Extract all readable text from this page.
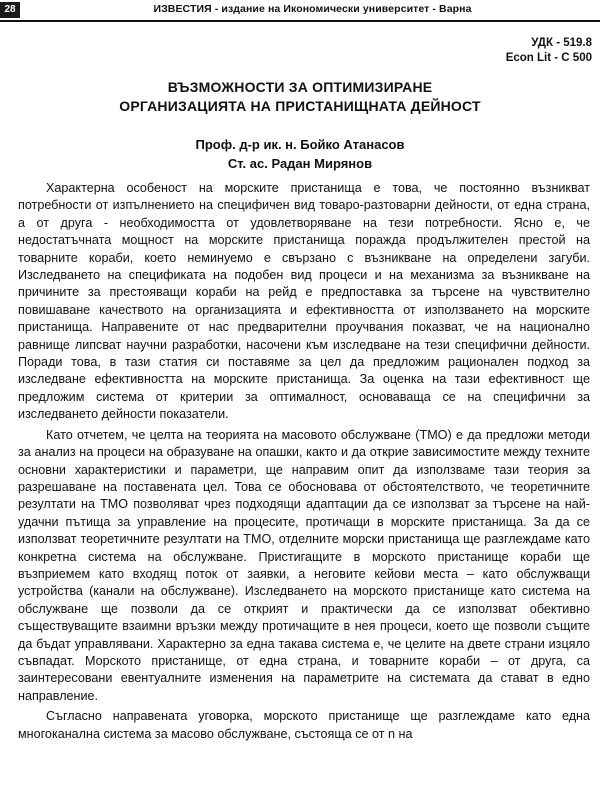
28	ИЗВЕСТИЯ - издание на Икономически университет - Варна
УДК - 519.8
Econ Lit - C 500
ВЪЗМОЖНОСТИ ЗА ОПТИМИЗИРАНЕ
ОРГАНИЗАЦИЯТА НА ПРИСТАНИЩНАТА ДЕЙНОСТ
Проф. д-р ик. н. Бойко Атанасов
Ст. ас. Радан Мирянов

Характерна особеност на морските пристанища е това, че постоянно възникват потребности от изпълнението на специфичен вид товаро-разтоварни дейности, от една страна, а от друга - необходимостта от удовлетворяване на тези потребности. Ясно е, че недостатъчната мощност на морските пристанища поражда продължителен престой на товарните кораби, което неминуемо е свързано с възникване на определени загуби. Изследването на спецификата на подобен вид процеси и на механизма за възникване на причините за престояващи кораби на рейд е предпоставка за търсене на чувствително повишаване качеството на организацията и ефективността от използването на морските пристанища. Направените от нас предварителни проучвания показват, че на национално равнище липсват научни разработки, насочени към изследване на тези специфични дейности. Поради това, в тази статия си поставяме за цел да предложим рационален подход за изследване ефективността на морските пристанища. За оценка на тази ефективност ще предложим система от критерии за оптималност, основаваща се на специфични за изследването дейности показатели.

Като отчетем, че целта на теорията на масовото обслужване (ТМО) е да предложи методи за анализ на процеси на образуване на опашки, както и да открие зависимостите между техните основни характеристики и параметри, ще направим опит да използваме тази теория за разрешаване на поставената цел. Това се обосновава от обстоятелството, че теоретичните резултати на ТМО позволяват чрез подходящи адаптации да се използват за търсене на най-удачни пътища за управление на процесите, протичащи в морските пристанища. За да се използват теоретичните резултати на ТМО, отделните морски пристанища ще разглеждаме като конкретна система на обслужване. Пристигащите в морското пристанище кораби ще възприемем като входящ поток от заявки, а неговите кейови места – като обслужващи устройства (канали на обслужване). Изследването на морското пристанище като система на обслужване ще позволи да се открият и практически да се използват обективно съществуващите взаимни връзки между протичащите в нея процеси, което ще позволи същите да бъдат управлявани. Характерно за една такава система е, че целите на двете страни изцяло съвпадат. Морското пристанище, от една страна, и товарните кораби – от друга, са заинтересовани евентуалните изменения на параметрите на системата да стават в едно направление.

Съгласно направената уговорка, морското пристанище ще разглеждаме като една многоканална система за масово обслужване, състояща се от n на
